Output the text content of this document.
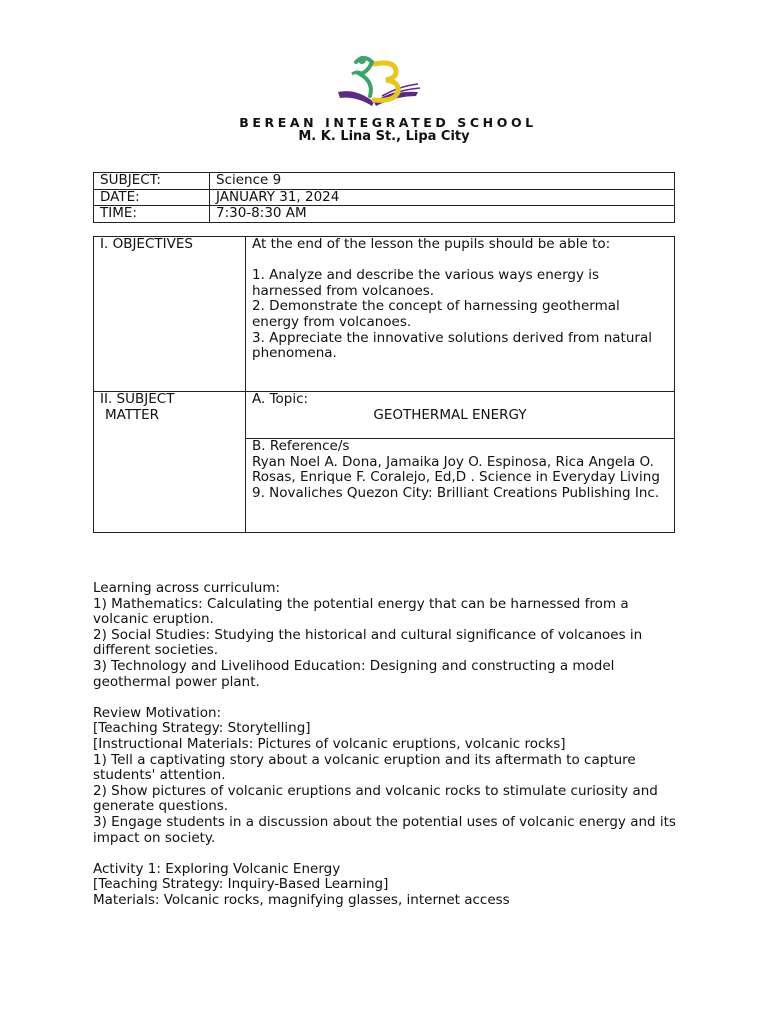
BEREAN INTEGRATED SCHOOL
M. K. Lina St., Lipa City
SUBJECT:	Science 9
DATE:	JANUARY 31, 2024
TIME:	7:30-8:30 AM
I. OBJECTIVES	At the end of the lesson the pupils should be able to:

1. Analyze and describe the various ways energy is harnessed from volcanoes.
2. Demonstrate the concept of harnessing geothermal energy from volcanoes.
3. Appreciate the innovative solutions derived from natural phenomena.

II. SUBJECT
MATTER	A. Topic:
GEOTHERMAL ENERGY

	B. Reference/s
Ryan Noel A. Dona, Jamaika Joy O. Espinosa, Rica Angela O. Rosas, Enrique F. Coralejo, Ed,D . Science in Everyday Living 9. Novaliches Quezon City: Brilliant Creations Publishing Inc.

Learning across curriculum:
1) Mathematics: Calculating the potential energy that can be harnessed from a volcanic eruption.
2) Social Studies: Studying the historical and cultural significance of volcanoes in different societies.
3) Technology and Livelihood Education: Designing and constructing a model geothermal power plant.

Review Motivation:
[Teaching Strategy: Storytelling]
[Instructional Materials: Pictures of volcanic eruptions, volcanic rocks]
1) Tell a captivating story about a volcanic eruption and its aftermath to capture students' attention.
2) Show pictures of volcanic eruptions and volcanic rocks to stimulate curiosity and generate questions.
3) Engage students in a discussion about the potential uses of volcanic energy and its impact on society.

Activity 1: Exploring Volcanic Energy
[Teaching Strategy: Inquiry-Based Learning]
Materials: Volcanic rocks, magnifying glasses, internet access
